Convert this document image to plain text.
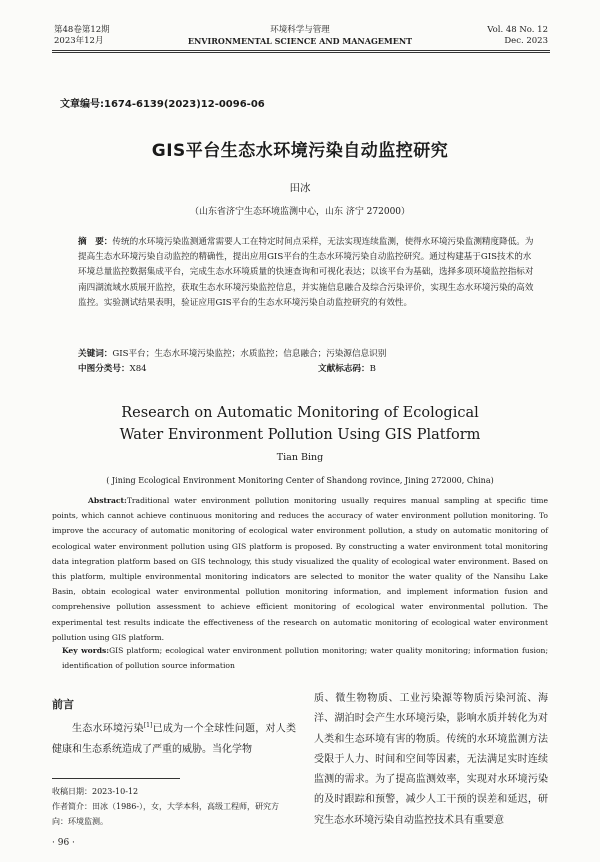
第48卷第12期
2023年12月
环境科学与管理
ENVIRONMENTAL SCIENCE AND MANAGEMENT
Vol. 48 No. 12
Dec. 2023
文章编号:1674-6139(2023)12-0096-06
GIS平台生态水环境污染自动监控研究
田冰
（山东省济宁生态环境监测中心，山东 济宁 272000）
摘　要：传统的水环境污染监测通常需要人工在特定时间点采样，无法实现连续监测，使得水环境污染监测精度降低。为提高生态水环境污染自动监控的精确性，提出应用GIS平台的生态水环境污染自动监控研究。通过构建基于GIS技术的水环境总量监控数据集成平台，完成生态水环境质量的快速查询和可视化表达；以该平台为基础，选择多项环境监控指标对南四湖流域水质展开监控，获取生态水环境污染监控信息，并实施信息融合及综合污染评价，实现生态水环境污染的高效监控。实验测试结果表明，验证应用GIS平台的生态水环境污染自动监控研究的有效性。
关键词：GIS平台；生态水环境污染监控；水质监控；信息融合；污染源信息识别
中图分类号：X84	文献标志码：B
Research on Automatic Monitoring of Ecological
Water Environment Pollution Using GIS Platform
Tian Bing
( Jining Ecological Environment Monitoring Center of Shandong rovince, Jining 272000, China)
Abstract:Traditional water environment pollution monitoring usually requires manual sampling at specific time points, which cannot achieve continuous monitoring and reduces the accuracy of water environment pollution monitoring. To improve the accuracy of automatic monitoring of ecological water environment pollution, a study on automatic monitoring of ecological water environment pollution using GIS platform is proposed. By constructing a water environment total monitoring data integration platform based on GIS technology, this study visualized the quality of ecological water environment. Based on this platform, multiple environmental monitoring indicators are selected to monitor the water quality of the Nansihu Lake Basin, obtain ecological water environmental pollution monitoring information, and implement information fusion and comprehensive pollution assessment to achieve efficient monitoring of ecological water environmental pollution. The experimental test results indicate the effectiveness of the research on automatic monitoring of ecological water environment pollution using GIS platform.
Key words:GIS platform; ecological water environment pollution monitoring; water quality monitoring; information fusion; identification of pollution source information
前言
生态水环境污染[1]已成为一个全球性问题，对人类健康和生态系统造成了严重的威胁。当化学物
质、微生物物质、工业污染源等物质污染河流、海洋、湖泊时会产生水环境污染，影响水质并转化为对人类和生态环境有害的物质。传统的水环境监测方法受限于人力、时间和空间等因素，无法满足实时连续监测的需求。为了提高监测效率，实现对水环境污染的及时跟踪和预警，减少人工干预的误差和延迟，研究生态水环境污染自动监控技术具有重要意
收稿日期：2023-10-12
作者简介：田冰（1986-），女，大学本科，高级工程师，研究方向：环境监测。
· 96 ·
